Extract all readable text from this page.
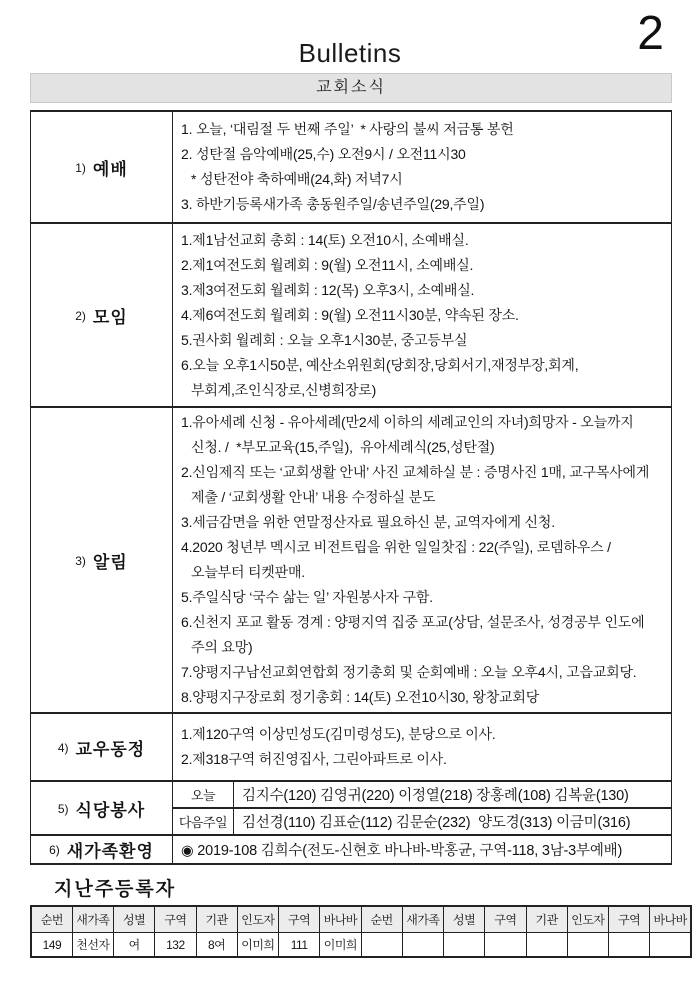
Bulletins	2
교회소식
1) 예배	1. 오늘, ‘대림절 두 번째 주일’  * 사랑의 불씨 저금통 봉헌
2. 성탄절 음악예배(25,수) 오전9시 / 오전11시30
* 성탄전야 축하예배(24,화) 저녁7시
3. 하반기등록새가족 총동원주일/송년주일(29,주일)	

2) 모임	
1.제1남선교회 총회 : 14(토) 오전10시, 소예배실.
2.제1여전도회 월례회 : 9(월) 오전11시, 소예배실.
3.제3여전도회 월례회 : 12(목) 오후3시, 소예배실.
4.제6여전도회 월례회 : 9(월) 오전11시30분, 약속된 장소.
5.권사회 월례회 : 오늘 오후1시30분, 중고등부실
6.오늘 오후1시50분, 예산소위원회(당회장,당회서기,재정부장,회계,
부회계,조인식장로,신병희장로)

3) 알림	
1.유아세례 신청 - 유아세례(만2세 이하의 세례교인의 자녀)희망자 - 오늘까지
신청. /  *부모교육(15,주일),  유아세례식(25,성탄절)
2.신임제직 또는 ‘교회생활 안내’ 사진 교체하실 분 : 증명사진 1매, 교구목사에게
제출 / ‘교회생활 안내’ 내용 수정하실 분도
3.세금감면을 위한 연말정산자료 필요하신 분, 교역자에게 신청.
4.2020 청년부 멕시코 비전트립을 위한 일일찻집 : 22(주일), 로뎀하우스 /
오늘부터 티켓판매.
5.주일식당 ‘국수 삶는 일’ 자원봉사자 구함.
6.신천지 포교 활동 경계 : 양평지역 집중 포교(상담, 설문조사, 성경공부 인도에
주의 요망)
7.양평지구남선교회연합회 정기총회 및 순회예배 : 오늘 오후4시, 고읍교회당.
8.양평지구장로회 정기총회 : 14(토) 오전10시30, 왕창교회당

4) 교우동정	1.제120구역 이상민성도(김미령성도), 분당으로 이사.
2.제318구역 허진영집사, 그린아파트로 이사.	

5) 식당봉사	오늘	김지수(120) 김영귀(220) 이정열(218) 장홍례(108) 김복윤(130)
	다음주일	김선경(110) 김표순(112) 김문순(232)  양도경(313) 이금미(316)
6) 새가족환영	◉ 2019-108 김희수(전도-신현호 바나바-박홍균, 구역-118, 3남-3부예배)	
지난주등록자
순번	새가족	성별	구역	기관	인도자	구역	바나바	순번	새가족	성별	구역	기관	인도자	구역	바나바
149	천선자	여	132	8여	이미희	111	이미희								
